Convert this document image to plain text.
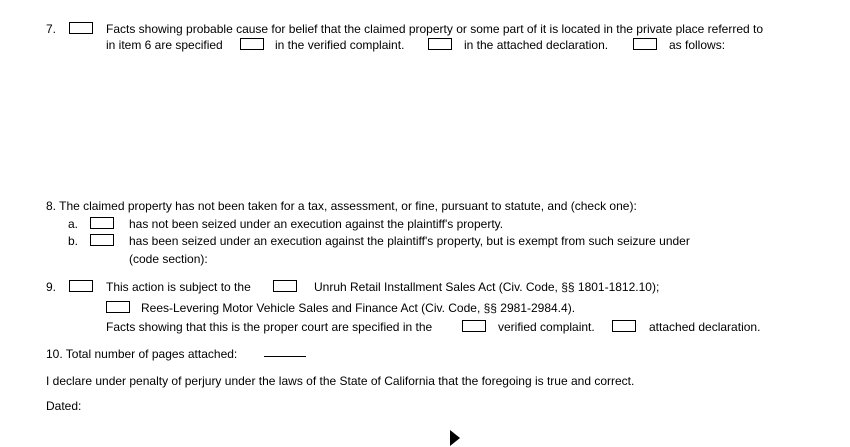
7.	Facts showing probable cause for belief that the claimed property or some part of it is located in the private place referred to
in item 6 are specified	in the verified complaint.	in the attached declaration.	as follows:
8. The claimed property has not been taken for a tax, assessment, or fine, pursuant to statute, and (check one):
a.	has not been seized under an execution against the plaintiff's property.
b.	has been seized under an execution against the plaintiff's property, but is exempt from such seizure under
(code section):
9.	This action is subject to the	Unruh Retail Installment Sales Act (Civ. Code, §§ 1801-1812.10);
Rees-Levering Motor Vehicle Sales and Finance Act (Civ. Code, §§ 2981-2984.4).
Facts showing that this is the proper court are specified in the	verified complaint.	attached declaration.
10. Total number of pages attached:
I declare under penalty of perjury under the laws of the State of California that the foregoing is true and correct.
Dated:
